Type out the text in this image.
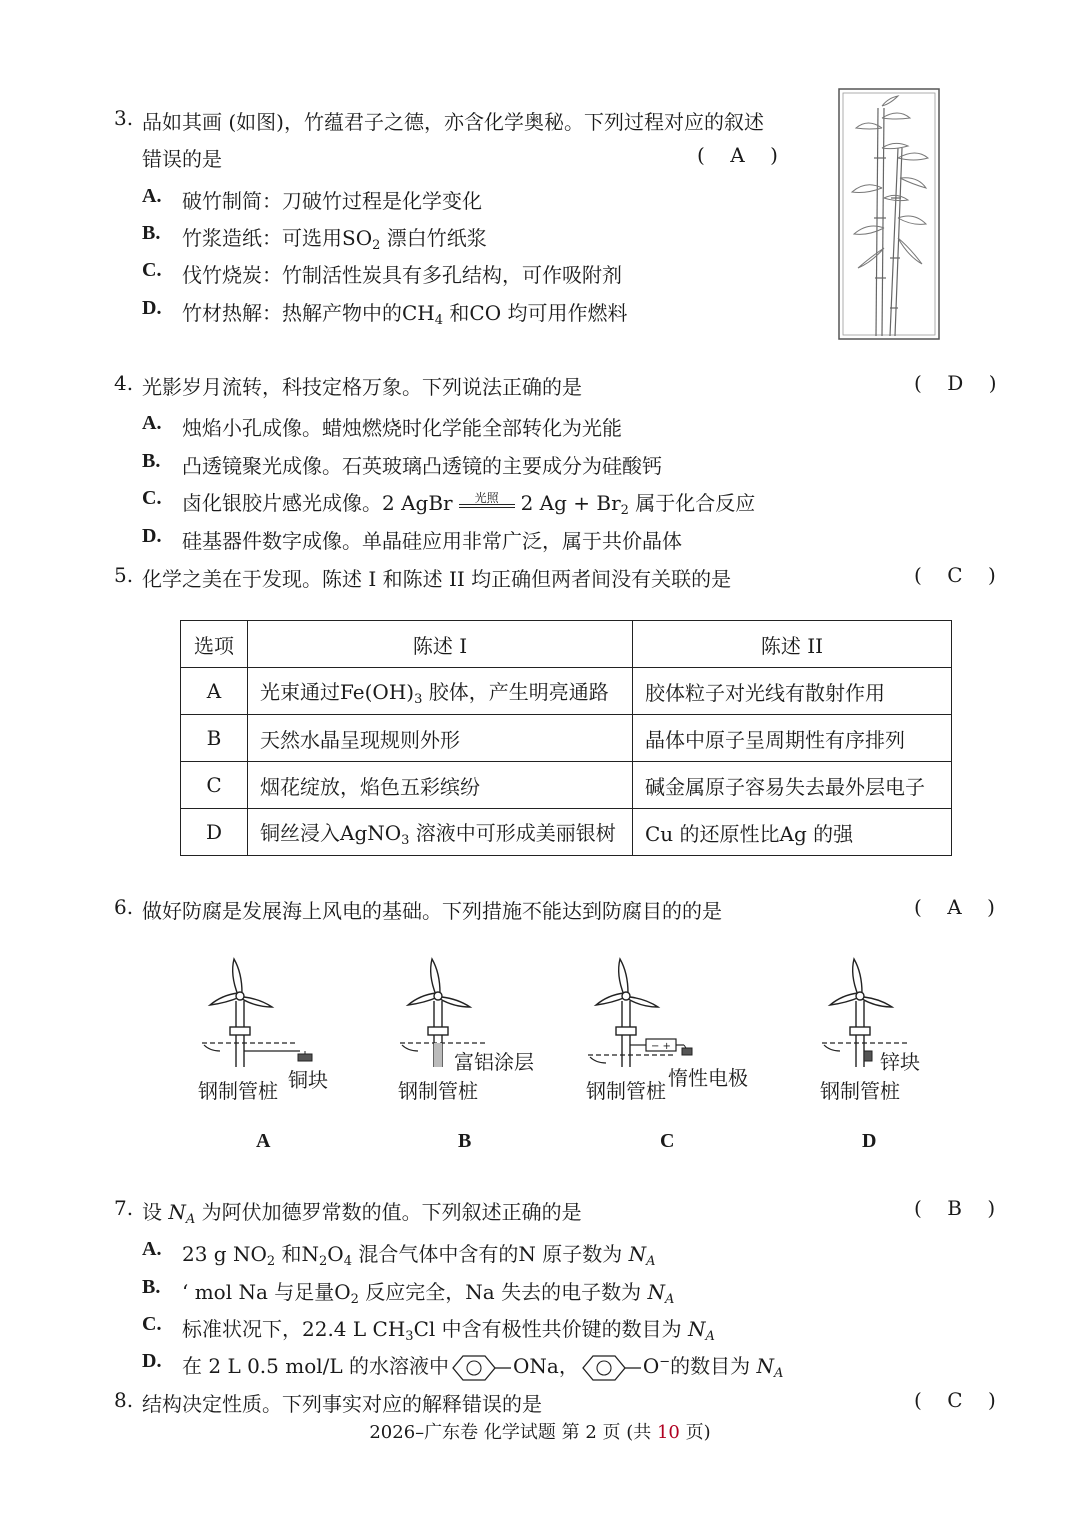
3. 品如其画 (如图)，竹蕴君子之德，亦含化学奥秘。下列过程对应的叙述
错误的是	(    A    )
A. 破竹制简：刀破竹过程是化学变化
B. 竹浆造纸：可选用$SO_2$ 漂白竹纸浆
C. 伐竹烧炭：竹制活性炭具有多孔结构，可作吸附剂
D. 竹材热解：热解产物中的$CH_4$ 和CO 均可用作燃料
4. 光影岁月流转，科技定格万象。下列说法正确的是	(    D    )
A. 烛焰小孔成像。蜡烛燃烧时化学能全部转化为光能
B. 凸透镜聚光成像。石英玻璃凸透镜的主要成分为硅酸钙
C. 卤化银胶片感光成像。2 AgBr	光照	2 $Ag + Br_2$ 属于化合反应
D. 硅基器件数字成像。单晶硅应用非常广泛，属于共价晶体
5. 化学之美在于发现。陈述 I 和陈述 II 均正确但两者间没有关联的是	(    C    )
选项	陈述 I	陈述 II
A	光束通过$Fe(OH)_3$ 胶体，产生明亮通路	胶体粒子对光线有散射作用
B	天然水晶呈现规则外形	晶体中原子呈周期性有序排列
C	烟花绽放，焰色五彩缤纷	碱金属原子容易失去最外层电子
D	铜丝浸入AgNO$_3$ 溶液中可形成美丽银树	Cu 的还原性比Ag 的强
6. 做好防腐是发展海上风电的基础。下列措施不能达到防腐目的的是	(    A    )
− +
钢制管桩 铜块	钢制管桩
富铝涂层
钢制管桩
惰性电极
钢制管桩
锌块
A	B	C	D
7. 设 $N_A$ 为阿伏加德罗常数的值。下列叙述正确的是	(    B    )
A. 23 g $NO_2$ 和$N_2O_4$ 混合气体中含有的N 原子数为 $N_A$
B. ‘ mol Na 与足量$O_2$ 反应完全，Na 失去的电子数为 $N_A$
C. 标准状况下，22.4 L $CH_3Cl$ 中含有极性共价键的数目为 $N_A$
D. 在 2 L 0.5 mol/L 的水溶液中	ONa，	O−的数目为 $N_A$
8. 结构决定性质。下列事实对应的解释错误的是	(    C    )
2026–广东卷 化学试题 第 2 页 (共 10 页)
